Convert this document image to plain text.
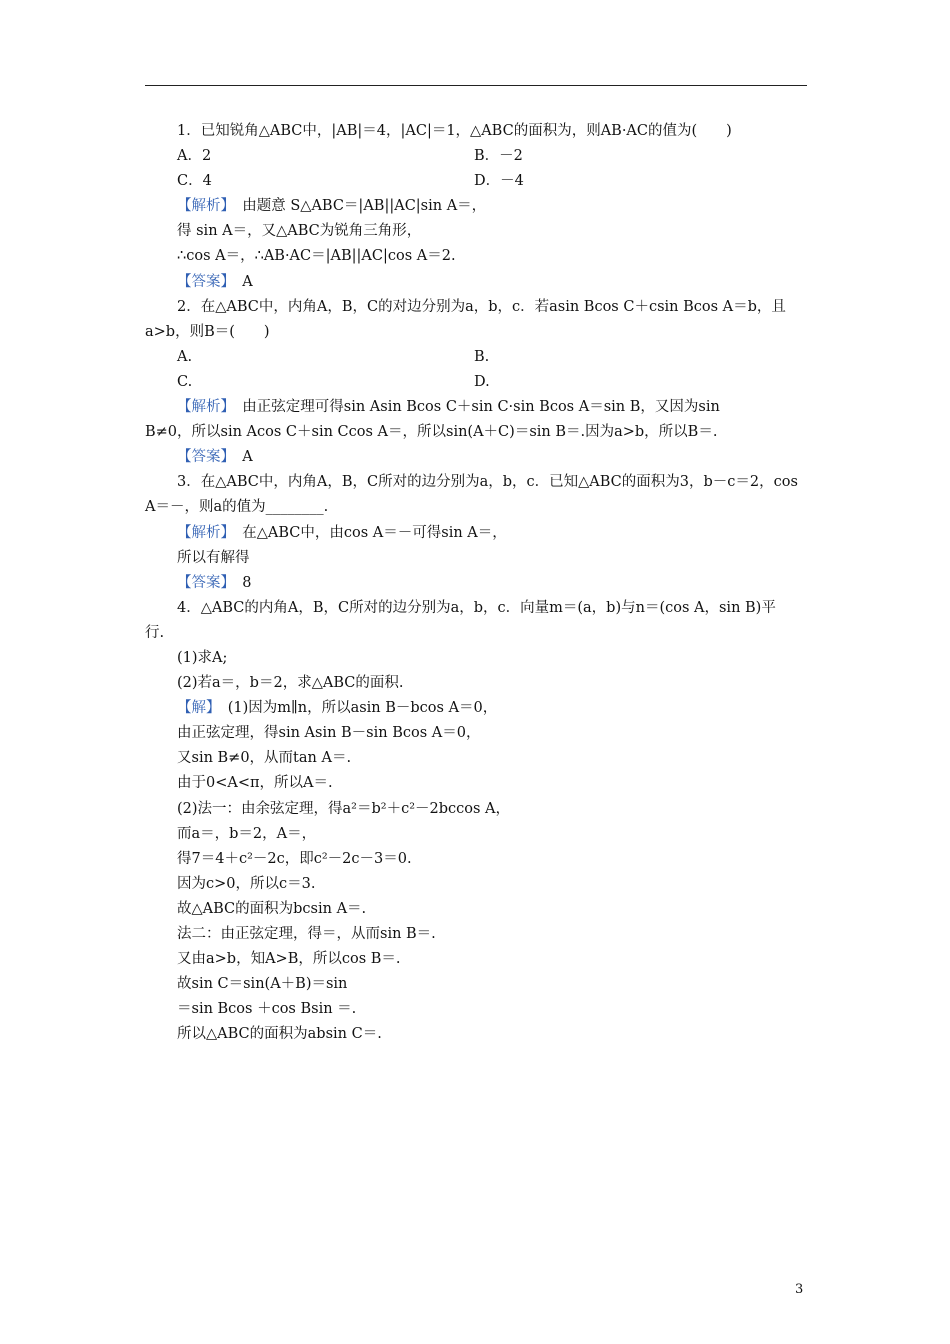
1．已知锐角△ABC中，|AB|＝4，|AC|＝1，△ABC的面积为，则AB·AC的值为(　　)
A．2	B．－2
C．4	D．－4
【解析】　由题意 S△ABC＝|AB||AC|sin A＝，
得 sin A＝，又△ABC为锐角三角形，
∴cos A＝，∴AB·AC＝|AB||AC|cos A＝2.
【答案】　A
2．在△ABC中，内角A，B，C的对边分别为a，b，c．若asin Bcos C＋csin Bcos A＝b，且
a>b，则B＝(　　)
A.	B.
C.	D.
【解析】　由正弦定理可得sin Asin Bcos C＋sin C·sin Bcos A＝sin B，又因为sin
B≠0，所以sin Acos C＋sin Ccos A＝，所以sin(A＋C)＝sin B＝.因为a>b，所以B＝.
【答案】　A
3．在△ABC中，内角A，B，C所对的边分别为a，b，c．已知△ABC的面积为3，b－c＝2，cos
A＝－，则a的值为________.
【解析】　在△ABC中，由cos A＝－可得sin A＝，
所以有解得
【答案】　8
4．△ABC的内角A，B，C所对的边分别为a，b，c．向量m＝(a，b)与n＝(cos A，sin B)平
行.
(1)求A;
(2)若a＝，b＝2，求△ABC的面积.
【解】　(1)因为m∥n，所以asin B－bcos A＝0，
由正弦定理，得sin Asin B－sin Bcos A＝0，
又sin B≠0，从而tan A＝.
由于0<A<π，所以A＝.
(2)法一：由余弦定理，得a²＝b²＋c²－2bccos A，
而a＝，b＝2，A＝，
得7＝4＋c²－2c，即c²－2c－3＝0.
因为c>0，所以c＝3.
故△ABC的面积为bcsin A＝.
法二：由正弦定理，得＝，从而sin B＝.
又由a>b，知A>B，所以cos B＝.
故sin C＝sin(A＋B)＝sin
＝sin Bcos ＋cos Bsin ＝.
所以△ABC的面积为absin C＝.
3
